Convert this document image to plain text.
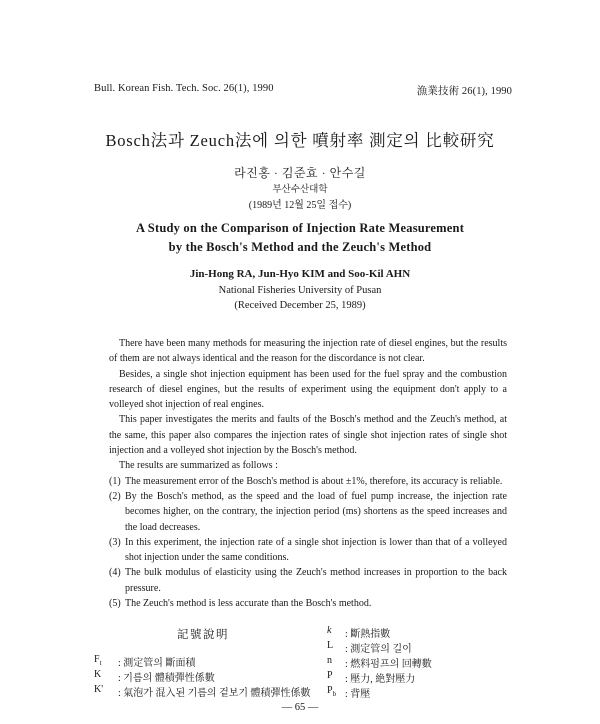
Bull. Korean Fish. Tech. Soc. 26(1), 1990	漁業技術 26(1), 1990
Bosch法과 Zeuch法에 의한 噴射率 測定의 比較研究
라진홍 · 김준효 · 안수길
부산수산대학
(1989년 12월 25일 접수)
A Study on the Comparison of Injection Rate Measurement
by the Bosch's Method and the Zeuch's Method
Jin-Hong RA, Jun-Hyo KIM and Soo-Kil AHN
National Fisheries University of Pusan
(Received December 25, 1989)

There have been many methods for measuring the injection rate of diesel engines, but the results of them are not always identical and the reason for the discordance is not clear.

Besides, a single shot injection equipment has been used for the fuel spray and the combustion research of diesel engines, but the results of experiment using the equipment don't apply to a volleyed shot injection of real engines.

This paper investigates the merits and faults of the Bosch's method and the Zeuch's method, at the same, this paper also compares the injection rates of single shot injection rates of single shot injection and a volleyed shot injection by the Bosch's method.

The results are summarized as follows :

(1) The measurement error of the Bosch's method is about ±1%, therefore, its accuracy is reliable.

(2) By the Bosch's method, as the speed and the load of fuel pump increase, the injection rate becomes higher, on the contrary, the injection period (ms) shortens as the speed increases and the load decreases.

(3) In this experiment, the injection rate of a single shot injection is lower than that of a volleyed shot injection under the same conditions.

(4) The bulk modulus of elasticity using the Zeuch's method increases in proportion to the back pressure.

(5) The Zeuch's method is less accurate than the Bosch's method.

記號說明
$F_t$ : 測定管의 斷面積
K : 기름의 體積彈性係數
K' : 氣泡가 混入된 기름의 겉보기 體積彈性係數
k : 斷熱指數
L : 測定管의 길이
n : 燃料펌프의 回轉數
P : 壓力, 絶對壓力
$P_b$ : 背壓
— 65 —
